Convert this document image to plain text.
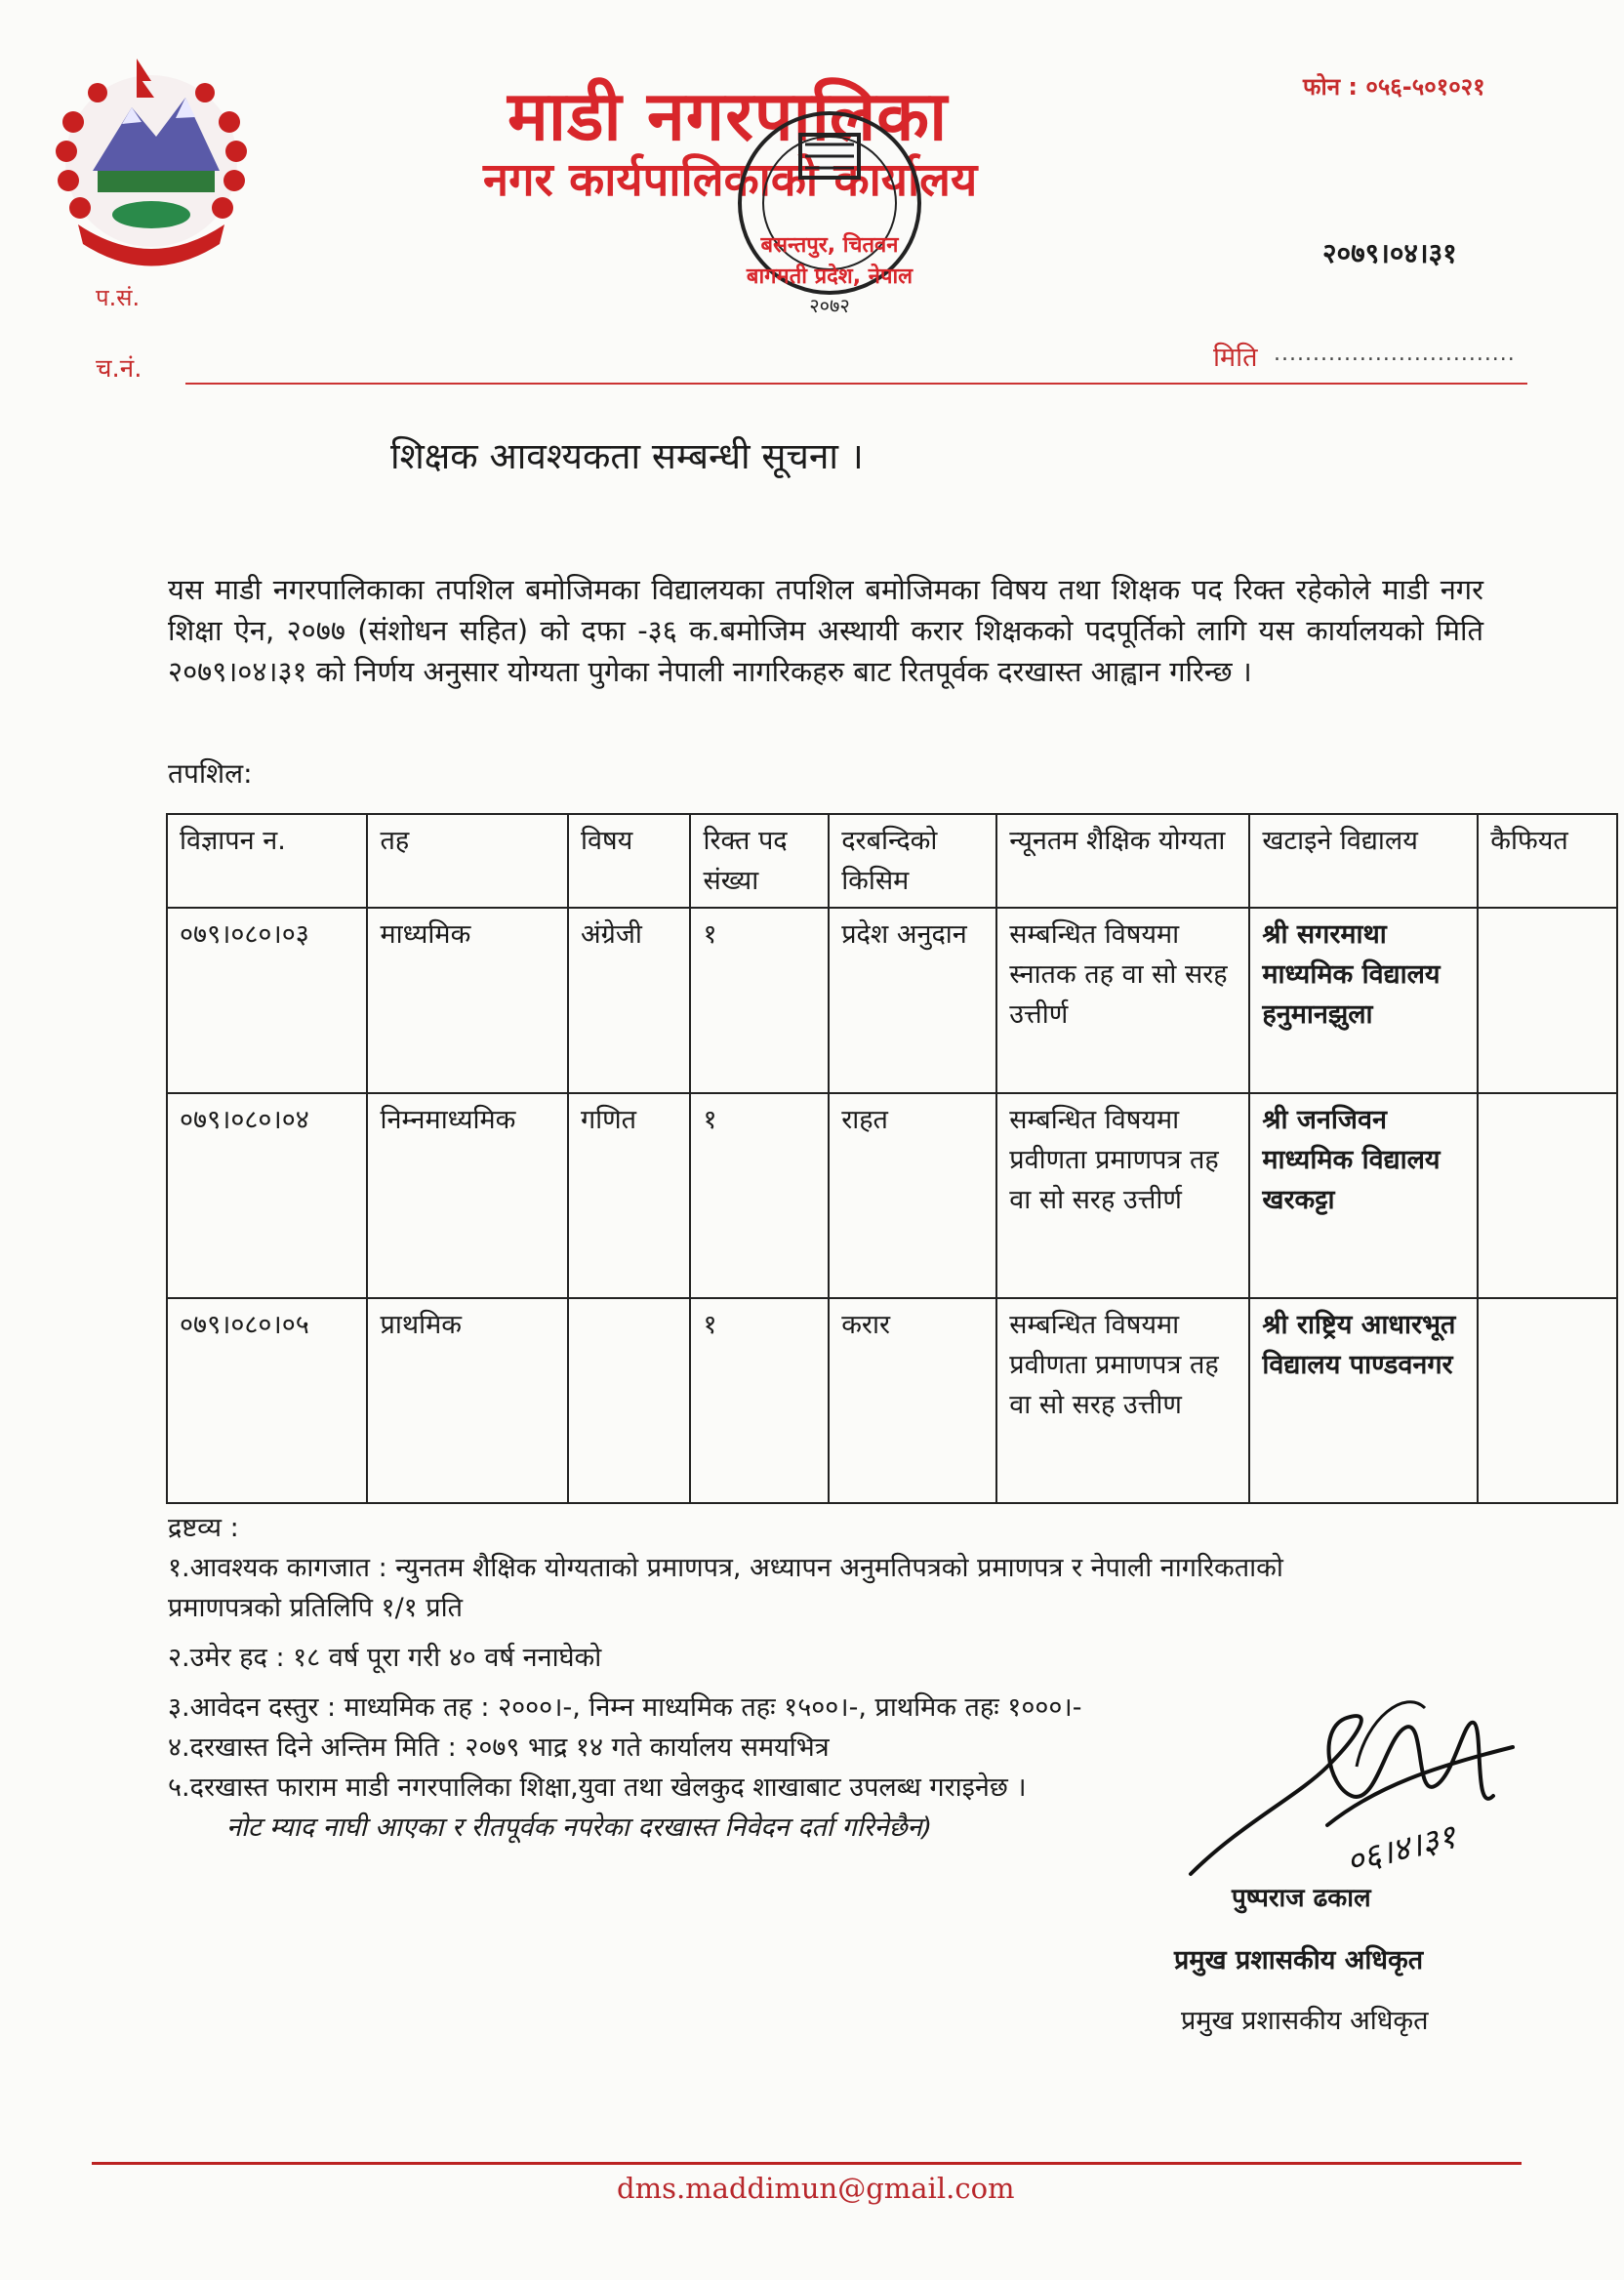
माडी नगरपालिका
नगर कार्यपालिकाको कार्यालय
फोन : ०५६-५०१०२१
२०७९।०४।३१
प.सं.
च.नं.	मिति ...............................
बसन्तपुर, चितवन
बागमती प्रदेश, नेपाल
२०७२
शिक्षक आवश्यकता सम्बन्धी सूचना ।
यस माडी नगरपालिकाका तपशिल बमोजिमका विद्यालयका तपशिल बमोजिमका विषय तथा शिक्षक पद रिक्त रहेकोले माडी नगर शिक्षा ऐन, २०७७ (संशोधन सहित) को दफा -३६ क.बमोजिम अस्थायी करार शिक्षकको पदपूर्तिको लागि यस कार्यालयको मिति २०७९।०४।३१ को निर्णय अनुसार योग्यता पुगेका नेपाली नागरिकहरु बाट रितपूर्वक दरखास्त आह्वान गरिन्छ ।
तपशिल:
विज्ञापन न.	तह	विषय	रिक्त पद संख्या	दरबन्दिको किसिम	न्यूनतम शैक्षिक योग्यता	खटाइने विद्यालय	कैफियत
०७९।०८०।०३	माध्यमिक	अंग्रेजी	१	प्रदेश अनुदान	सम्बन्धित विषयमा स्नातक तह वा सो सरह उत्तीर्ण	श्री सगरमाथा माध्यमिक विद्यालय हनुमानझुला	
०७९।०८०।०४	निम्नमाध्यमिक	गणित	१	राहत	सम्बन्धित विषयमा प्रवीणता प्रमाणपत्र तह वा सो सरह उत्तीर्ण	श्री जनजिवन माध्यमिक विद्यालय खरकट्टा	
०७९।०८०।०५	प्राथमिक		१	करार	सम्बन्धित विषयमा प्रवीणता प्रमाणपत्र तह वा सो सरह उत्तीण	श्री राष्ट्रिय आधारभूत विद्यालय पाण्डवनगर	

द्रष्टव्य :

१.आवश्यक कागजात : न्युनतम शैक्षिक योग्यताको प्रमाणपत्र, अध्यापन अनुमतिपत्रको प्रमाणपत्र र नेपाली नागरिकताको

प्रमाणपत्रको प्रतिलिपि १/१ प्रति

२.उमेर हद : १८ वर्ष पूरा गरी ४० वर्ष ननाघेको

३.आवेदन दस्तुर : माध्यमिक तह : २०००।-, निम्न माध्यमिक तहः १५००।-, प्राथमिक तहः १०००।-

४.दरखास्त दिने अन्तिम मिति : २०७९ भाद्र १४ गते कार्यालय समयभित्र

५.दरखास्त फाराम माडी नगरपालिका शिक्षा,युवा तथा खेलकुद शाखाबाट उपलब्ध गराइनेछ ।

नोट म्याद नाघी आएका र रीतपूर्वक नपरेका दरखास्त निवेदन दर्ता गरिनेछैन)	०६।४।३१
पुष्पराज ढकाल
प्रमुख प्रशासकीय अधिकृत
प्रमुख प्रशासकीय अधिकृत
dms.maddimun@gmail.com
